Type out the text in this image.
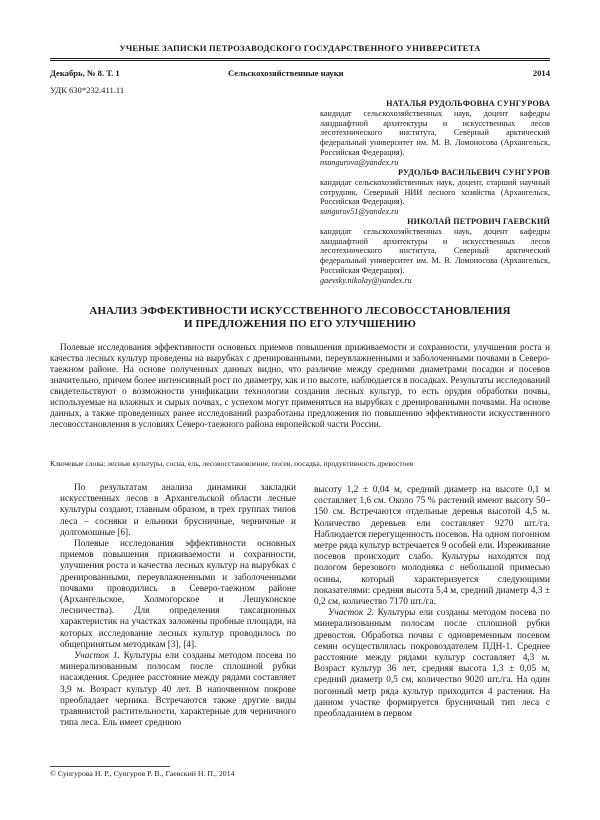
УЧЕНЫЕ ЗАПИСКИ ПЕТРОЗАВОДСКОГО ГОСУДАРСТВЕННОГО УНИВЕРСИТЕТА
Декабрь, № 8. Т. 1	Сельскохозяйственные науки	2014
УДК 630*232.411.11
НАТАЛЬЯ РУДОЛЬФОВНА СУНГУРОВА
кандидат сельскохозяйственных наук, доцент кафедры ландшафтной архитектуры и искусственных лесов лесотехнического института, Северный арктический федеральный университет им. М. В. Ломоносова (Архангельск, Российская Федерация).
nsungurova@yandex.ru
РУДОЛЬФ ВАСИЛЬЕВИЧ СУНГУРОВ
кандидат сельскохозяйственных наук, доцент, старший научный сотрудник, Северный НИИ лесного хозяйства (Архангельск, Российская Федерация).
sungurov51@yandex.ru
НИКОЛАЙ ПЕТРОВИЧ ГАЕВСКИЙ
кандидат сельскохозяйственных наук, доцент кафедры ландшафтной архитектуры и искусственных лесов лесотехнического института, Северный арктический федеральный университет им. М. В. Ломоносова (Архангельск, Российская Федерация).
gaevsky.nikolay@yandex.ru
АНАЛИЗ ЭФФЕКТИВНОСТИ ИСКУССТВЕННОГО ЛЕСОВОССТАНОВЛЕНИЯ
И ПРЕДЛОЖЕНИЯ ПО ЕГО УЛУЧШЕНИЮ
Полевые исследования эффективности основных приемов повышения приживаемости и сохранности, улучшения роста и качества лесных культур проведены на вырубках с дренированными, переувлажненными и заболоченными почвами в Северо-таежном районе. На основе полученных данных видно, что различие между средними диаметрами посадки и посевов значительно, причем более интенсивный рост по диаметру, как и по высоте, наблюдается в посадках. Результаты исследований свидетельствуют о возможности унификации технологии создания лесных культур, то есть орудия обработки почвы, используемые на влажных и сырых почвах, с успехом могут применяться на вырубках с дренированными почвами. На основе данных, а также проведенных ранее исследований разработаны предложения по повышению эффективности искусственного лесовосстановления в условиях Северо-таежного района европейской части России.
Ключевые слова: лесные культуры, сосна, ель, лесовосстановление, посев, посадка, продуктивность древостоев

По результатам анализа динамики закладки искусственных лесов в Архангельской области лесные культуры создают, главным образом, в трех группах типов леса – сосняки и ельники брусничные, черничные и долгомошные [6].

Полевые исследования эффективности основных приемов повышения приживаемости и сохранности, улучшения роста и качества лесных культур на вырубках с дренированными, переувлажненными и заболоченными почвами проводились в Северо-таежном районе (Архангельское, Холмогорское и Лешуконское лесничества). Для определения таксационных характеристик на участках заложены пробные площади, на которых исследование лесных культур проводилось по общепринятым методикам [3], [4].

Участок 1. Культуры ели созданы методом посева по минерализованным полосам после сплошной рубки насаждения. Среднее расстояние между рядами составляет 3,9 м. Возраст культур 40 лет. В напочвенном покрове преобладает черника. Встречаются также другие виды травянистой растительности, характерные для черничного типа леса. Ель имеет среднюю

высоту 1,2 ± 0,04 м, средний диаметр на высоте 0,1 м составляет 1,6 см. Около 75 % растений имеют высоту 50–150 см. Встречаются отдельные деревья высотой 4,5 м. Количество деревьев ели составляет 9270 шт./га. Наблюдается перегущенность посевов. На одном погонном метре ряда культур встречается 9 особей ели. Изреживание посевов происходит слабо. Культуры находятся под пологом березового молодняка с небольшой примесью осины, который характеризуется следующими показателями: средняя высота 5,4 м, средний диаметр 4,3 ± 0,2 см, количество 7170 шт./га.

Участок 2. Культуры ели созданы методом посева по минерализованным полосам после сплошной рубки древостоя. Обработка почвы с одновременным посевом семян осуществлялась покровоздателем ПДН-1. Среднее расстояние между рядами культур составляет 4,3 м. Возраст культур 36 лет, средняя высота 1,3 ± 0,05 м, средний диаметр 0,5 см, количество 9020 шт./га. На один погонный метр ряда культур приходится 4 растения. На данном участке формируется брусничный тип леса с преобладанием в первом

© Сунгурова Н. Р., Сунгуров Р. В., Гаевский Н. П., 2014
